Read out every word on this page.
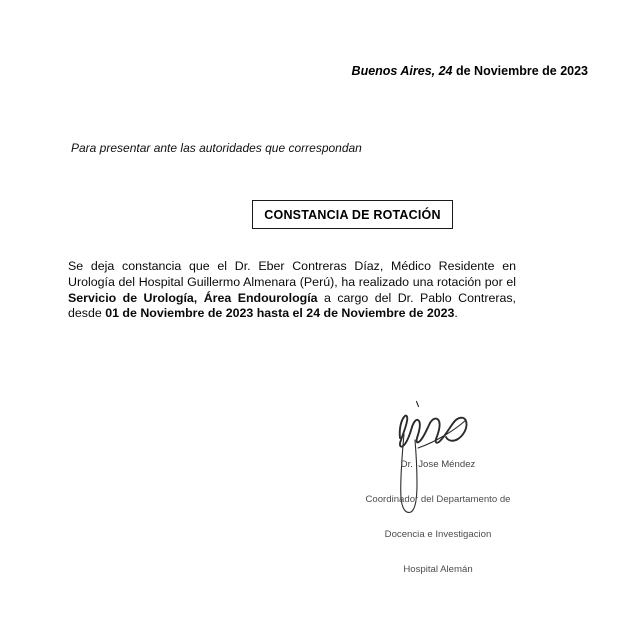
Buenos Aires, 24 de Noviembre de 2023
Para presentar ante las autoridades que correspondan
CONSTANCIA DE ROTACIÓN
Se deja constancia que el Dr. Eber Contreras Díaz, Médico Residente en Urología del Hospital Guillermo Almenara (Perú), ha realizado una rotación por el Servicio de Urología, Área Endourología a cargo del Dr. Pablo Contreras, desde 01 de Noviembre de 2023 hasta el 24 de Noviembre de 2023.

Dr.  Jose Méndez

Coordinador del Departamento de

Docencia e Investigacion

Hospital Alemán
